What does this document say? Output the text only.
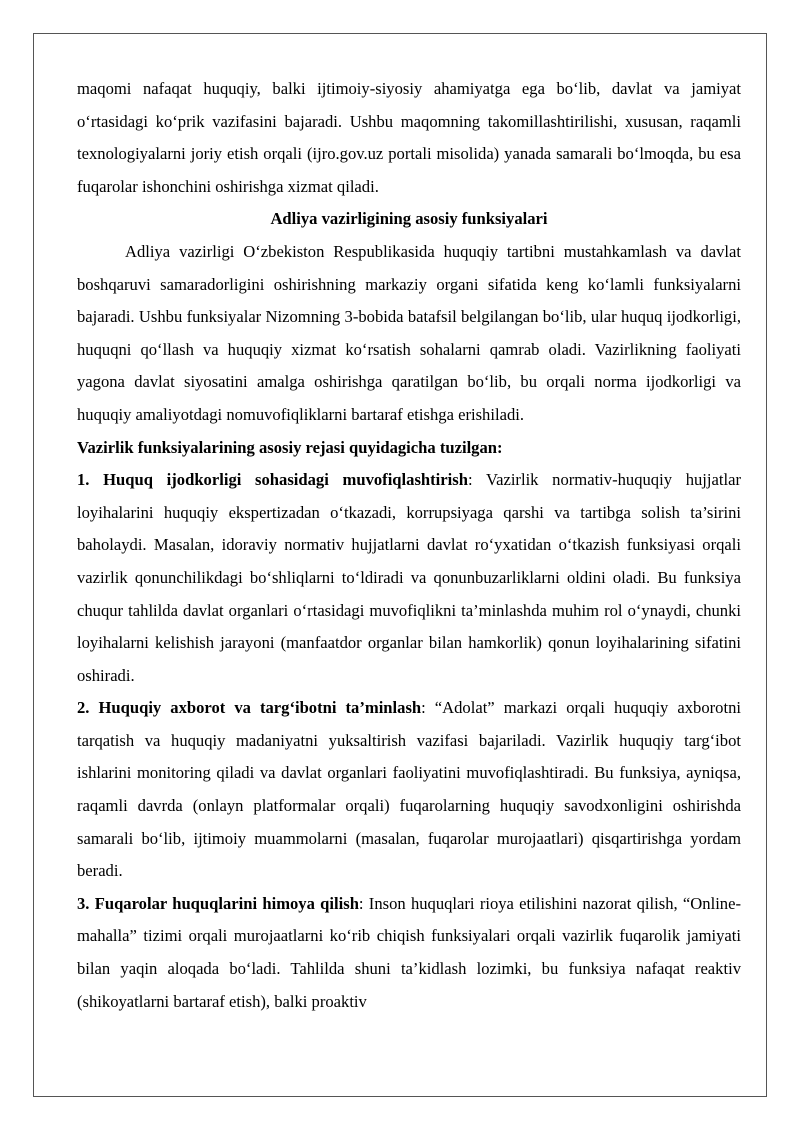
maqomi nafaqat huquqiy, balki ijtimoiy-siyosiy ahamiyatga ega bo‘lib, davlat va jamiyat o‘rtasidagi ko‘prik vazifasini bajaradi. Ushbu maqomning takomillashtirilishi, xususan, raqamli texnologiyalarni joriy etish orqali (ijro.gov.uz portali misolida) yanada samarali bo‘lmoqda, bu esa fuqarolar ishonchini oshirishga xizmat qiladi.

Adliya vazirligining asosiy funksiyalari

Adliya vazirligi O‘zbekiston Respublikasida huquqiy tartibni mustahkamlash va davlat boshqaruvi samaradorligini oshirishning markaziy organi sifatida keng ko‘lamli funksiyalarni bajaradi. Ushbu funksiyalar Nizomning 3-bobida batafsil belgilangan bo‘lib, ular huquq ijodkorligi, huquqni qo‘llash va huquqiy xizmat ko‘rsatish sohalarni qamrab oladi. Vazirlikning faoliyati yagona davlat siyosatini amalga oshirishga qaratilgan bo‘lib, bu orqali norma ijodkorligi va huquqiy amaliyotdagi nomuvofiqliklarni bartaraf etishga erishiladi.

Vazirlik funksiyalarining asosiy rejasi quyidagicha tuzilgan:

1. Huquq ijodkorligi sohasidagi muvofiqlashtirish: Vazirlik normativ-huquqiy hujjatlar loyihalarini huquqiy ekspertizadan o‘tkazadi, korrupsiyaga qarshi va tartibga solish ta’sirini baholaydi. Masalan, idoraviy normativ hujjatlarni davlat ro‘yxatidan o‘tkazish funksiyasi orqali vazirlik qonunchilikdagi bo‘shliqlarni to‘ldiradi va qonunbuzarliklarni oldini oladi. Bu funksiya chuqur tahlilda davlat organlari o‘rtasidagi muvofiqlikni ta’minlashda muhim rol o‘ynaydi, chunki loyihalarni kelishish jarayoni (manfaatdor organlar bilan hamkorlik) qonun loyihalarining sifatini oshiradi.

2. Huquqiy axborot va targ‘ibotni ta’minlash: “Adolat” markazi orqali huquqiy axborotni tarqatish va huquqiy madaniyatni yuksaltirish vazifasi bajariladi. Vazirlik huquqiy targ‘ibot ishlarini monitoring qiladi va davlat organlari faoliyatini muvofiqlashtiradi. Bu funksiya, ayniqsa, raqamli davrda (onlayn platformalar orqali) fuqarolarning huquqiy savodxonligini oshirishda samarali bo‘lib, ijtimoiy muammolarni (masalan, fuqarolar murojaatlari) qisqartirishga yordam beradi.

3. Fuqarolar huquqlarini himoya qilish: Inson huquqlari rioya etilishini nazorat qilish, “Online-mahalla” tizimi orqali murojaatlarni ko‘rib chiqish funksiyalari orqali vazirlik fuqarolik jamiyati bilan yaqin aloqada bo‘ladi. Tahlilda shuni ta’kidlash lozimki, bu funksiya nafaqat reaktiv (shikoyatlarni bartaraf etish), balki proaktiv
